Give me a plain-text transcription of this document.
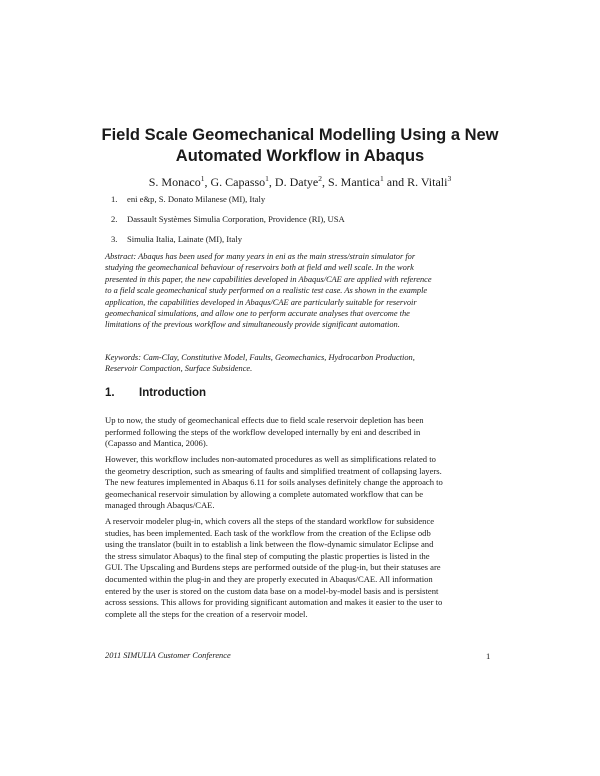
Field Scale Geomechanical Modelling Using a New
Automated Workflow in Abaqus
S. Monaco$^1$, G. Capasso$^1$, D. Datye$^2$, S. Mantica$^1$ and R. Vitali$^3$
1.	eni e&p, S. Donato Milanese (MI), Italy
2.	Dassault Systèmes Simulia Corporation, Providence (RI), USA
3.	Simulia Italia, Lainate (MI), Italy
Abstract: Abaqus has been used for many years in eni as the main stress/strain simulator for
studying the geomechanical behaviour of reservoirs both at field and well scale. In the work
presented in this paper, the new capabilities developed in Abaqus/CAE are applied with reference
to a field scale geomechanical study performed on a realistic test case. As shown in the example
application, the capabilities developed in Abaqus/CAE are particularly suitable for reservoir
geomechanical simulations, and allow one to perform accurate analyses that overcome the
limitations of the previous workflow and simultaneously provide significant automation.
Keywords: Cam-Clay, Constitutive Model, Faults, Geomechanics, Hydrocarbon Production,
Reservoir Compaction, Surface Subsidence.
1.	Introduction
Up to now, the study of geomechanical effects due to field scale reservoir depletion has been
performed following the steps of the workflow developed internally by eni and described in
(Capasso and Mantica, 2006).
However, this workflow includes non-automated procedures as well as simplifications related to
the geometry description, such as smearing of faults and simplified treatment of collapsing layers.
The new features implemented in Abaqus 6.11 for soils analyses definitely change the approach to
geomechanical reservoir simulation by allowing a complete automated workflow that can be
managed through Abaqus/CAE.
A reservoir modeler plug-in, which covers all the steps of the standard workflow for subsidence
studies, has been implemented. Each task of the workflow from the creation of the Eclipse odb
using the translator (built in to establish a link between the flow-dynamic simulator Eclipse and
the stress simulator Abaqus) to the final step of computing the plastic properties is listed in the
GUI. The Upscaling and Burdens steps are performed outside of the plug-in, but their statuses are
documented within the plug-in and they are properly executed in Abaqus/CAE. All information
entered by the user is stored on the custom data base on a model-by-model basis and is persistent
across sessions. This allows for providing significant automation and makes it easier to the user to
complete all the steps for the creation of a reservoir model.
2011 SIMULIA Customer Conference	1
